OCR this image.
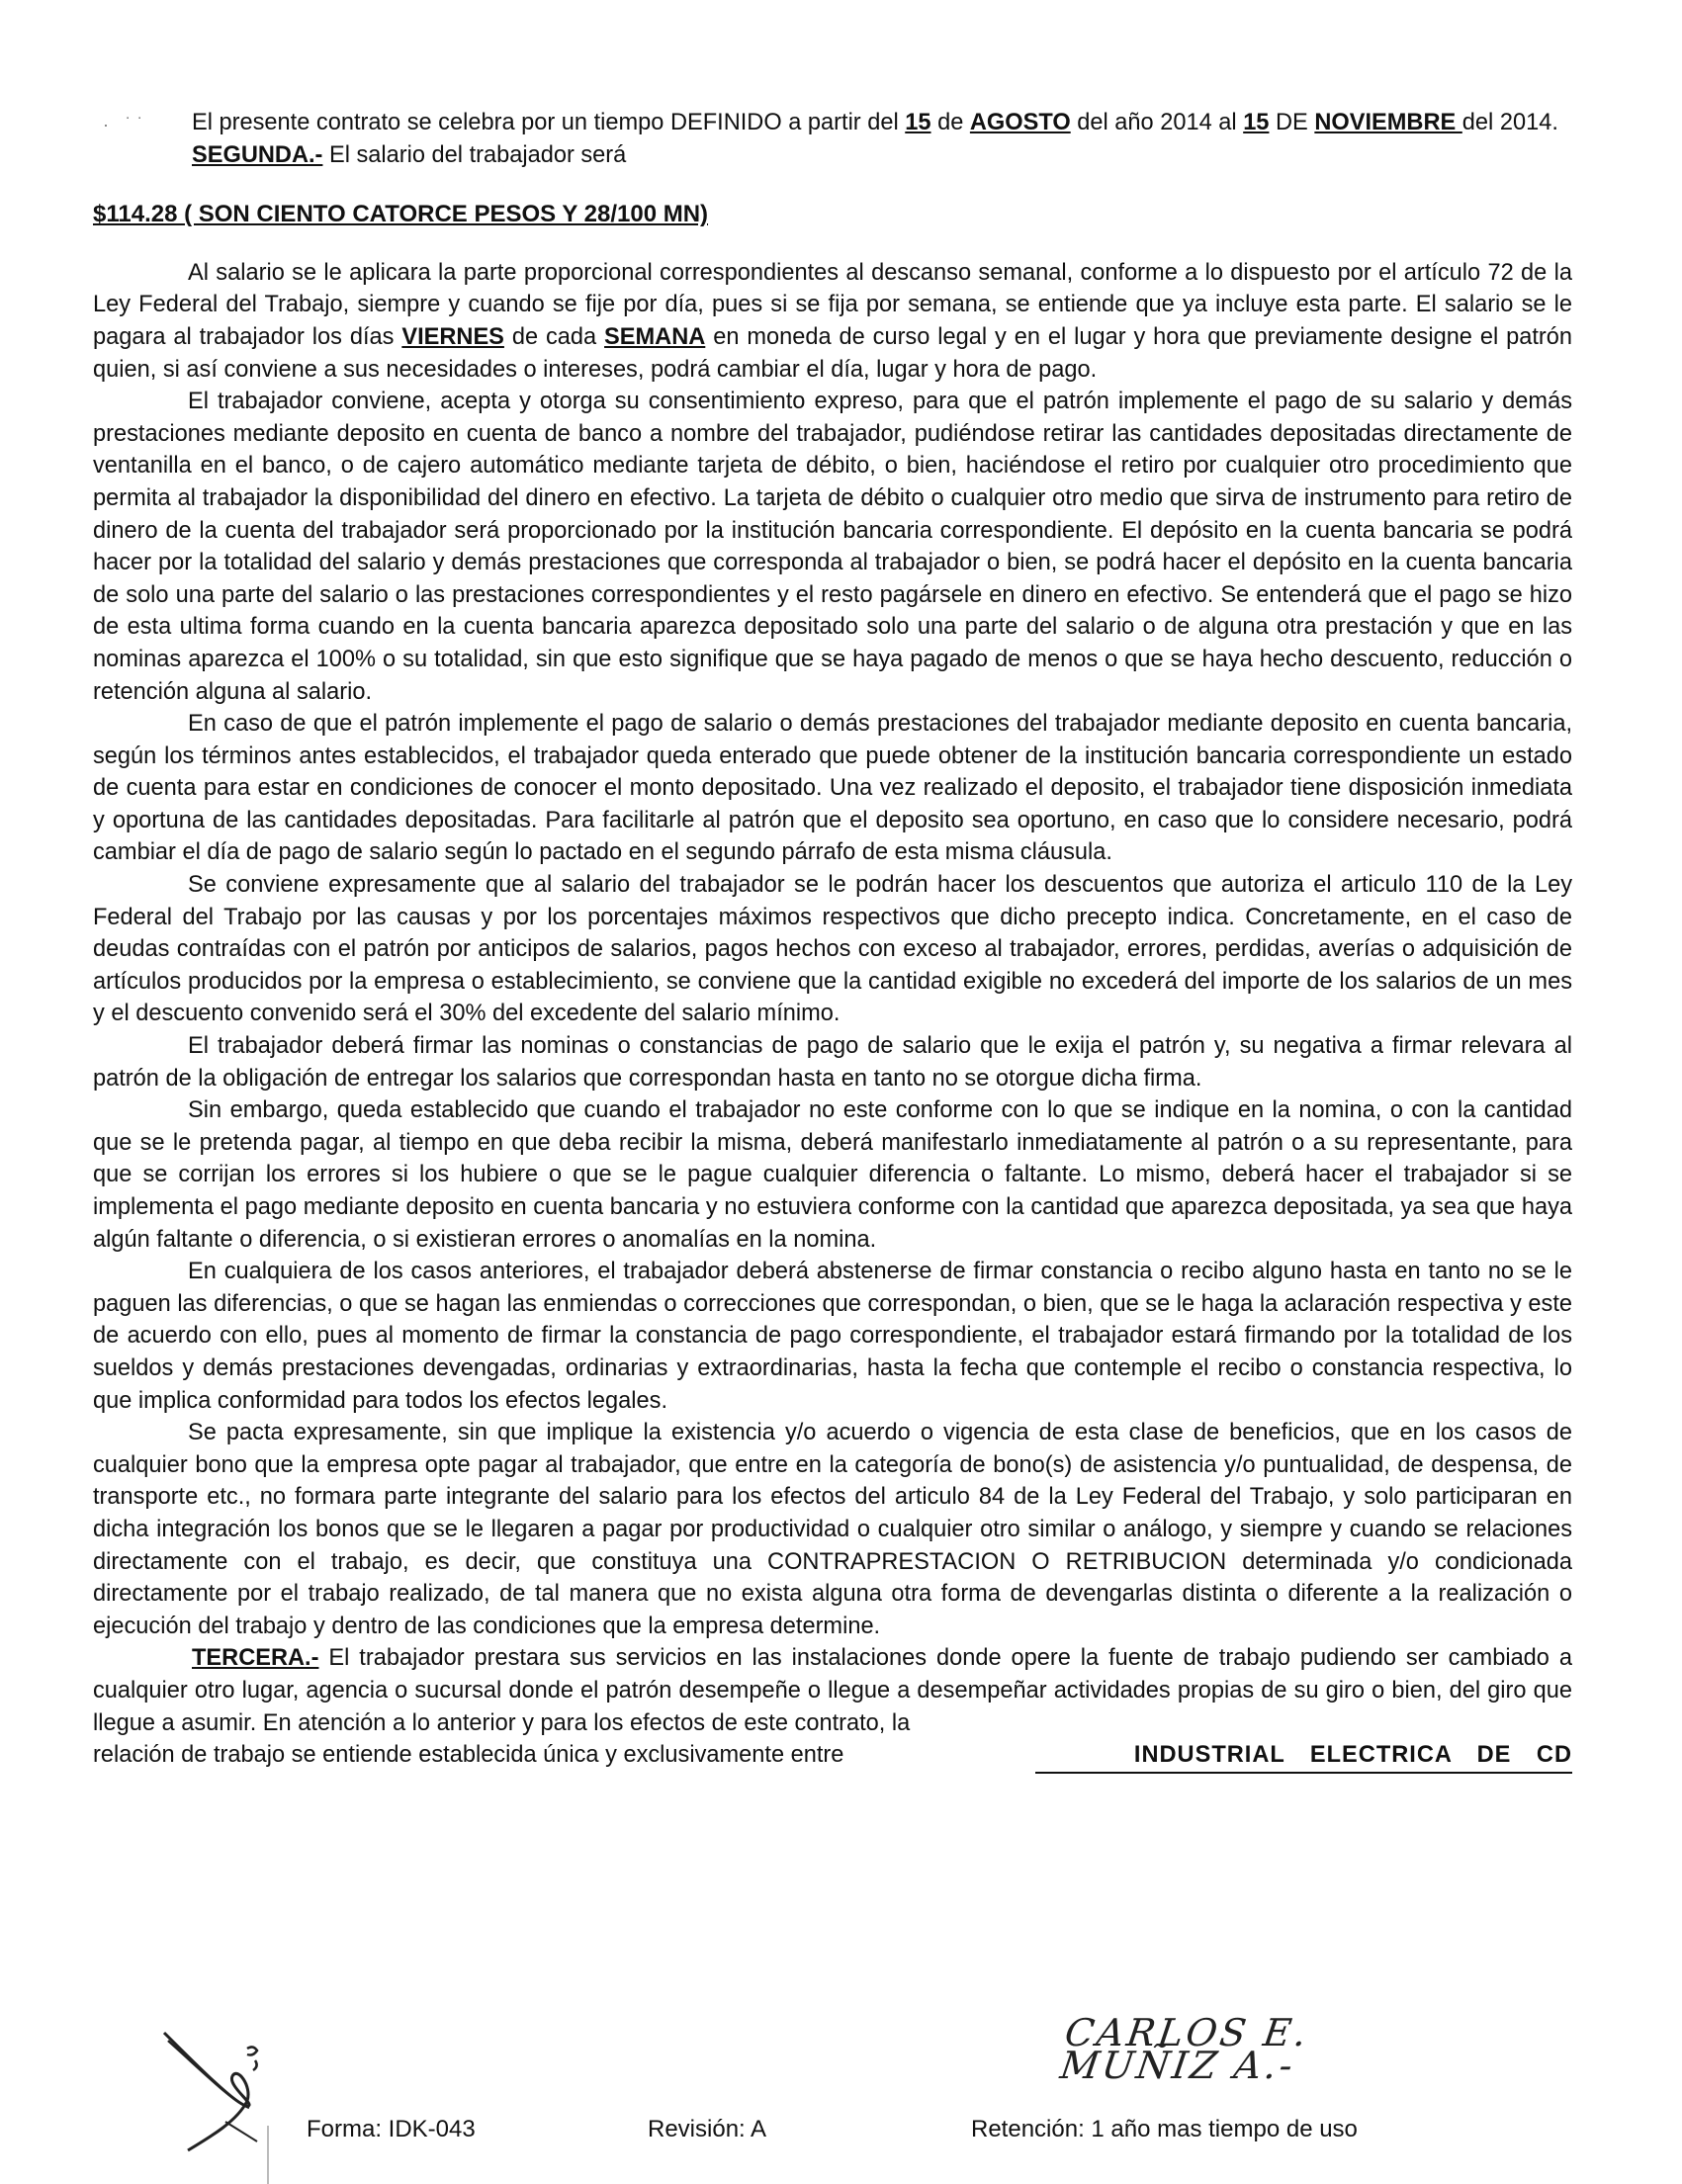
· ˙˙	El presente contrato se celebra por un tiempo DEFINIDO a partir del 15 de AGOSTO del año 2014 al 15 DE NOVIEMBRE del 2014.

SEGUNDA.- El salario del trabajador será

$114.28 ( SON CIENTO CATORCE PESOS Y 28/100 MN)

Al salario se le aplicara la parte proporcional correspondientes al descanso semanal, conforme a lo dispuesto por el artículo 72 de la Ley Federal del Trabajo, siempre y cuando se fije por día, pues si se fija por semana, se entiende que ya incluye esta parte. El salario se le pagara al trabajador los días VIERNES de cada SEMANA en moneda de curso legal y en el lugar y hora que previamente designe el patrón quien, si así conviene a sus necesidades o intereses, podrá cambiar el día, lugar y hora de pago.

El trabajador conviene, acepta y otorga su consentimiento expreso, para que el patrón implemente el pago de su salario y demás prestaciones mediante deposito en cuenta de banco a nombre del trabajador, pudiéndose retirar las cantidades depositadas directamente de ventanilla en el banco, o de cajero automático mediante tarjeta de débito, o bien, haciéndose el retiro por cualquier otro procedimiento que permita al trabajador la disponibilidad del dinero en efectivo. La tarjeta de débito o cualquier otro medio que sirva de instrumento para retiro de dinero de la cuenta del trabajador será proporcionado por la institución bancaria correspondiente. El depósito en la cuenta bancaria se podrá hacer por la totalidad del salario y demás prestaciones que corresponda al trabajador o bien, se podrá hacer el depósito en la cuenta bancaria de solo una parte del salario o las prestaciones correspondientes y el resto pagársele en dinero en efectivo. Se entenderá que el pago se hizo de esta ultima forma cuando en la cuenta bancaria aparezca depositado solo una parte del salario o de alguna otra prestación y que en las nominas aparezca el 100% o su totalidad, sin que esto signifique que se haya pagado de menos o que se haya hecho descuento, reducción o retención alguna al salario.

En caso de que el patrón implemente el pago de salario o demás prestaciones del trabajador mediante deposito en cuenta bancaria, según los términos antes establecidos, el trabajador queda enterado que puede obtener de la institución bancaria correspondiente un estado de cuenta para estar en condiciones de conocer el monto depositado. Una vez realizado el deposito, el trabajador tiene disposición inmediata y oportuna de las cantidades depositadas. Para facilitarle al patrón que el deposito sea oportuno, en caso que lo considere necesario, podrá cambiar el día de pago de salario según lo pactado en el segundo párrafo de esta misma cláusula.

Se conviene expresamente que al salario del trabajador se le podrán hacer los descuentos que autoriza el articulo 110 de la Ley Federal del Trabajo por las causas y por los porcentajes máximos respectivos que dicho precepto indica. Concretamente, en el caso de deudas contraídas con el patrón por anticipos de salarios, pagos hechos con exceso al trabajador, errores, perdidas, averías o adquisición de artículos producidos por la empresa o establecimiento, se conviene que la cantidad exigible no excederá del importe de los salarios de un mes y el descuento convenido será el 30% del excedente del salario mínimo.

El trabajador deberá firmar las nominas o constancias de pago de salario que le exija el patrón y, su negativa a firmar relevara al patrón de la obligación de entregar los salarios que correspondan hasta en tanto no se otorgue dicha firma.

Sin embargo, queda establecido que cuando el trabajador no este conforme con lo que se indique en la nomina, o con la cantidad que se le pretenda pagar, al tiempo en que deba recibir la misma, deberá manifestarlo inmediatamente al patrón o a su representante, para que se corrijan los errores si los hubiere o que se le pague cualquier diferencia o faltante. Lo mismo, deberá hacer el trabajador si se implementa el pago mediante deposito en cuenta bancaria y no estuviera conforme con la cantidad que aparezca depositada, ya sea que haya algún faltante o diferencia, o si existieran errores o anomalías en la nomina.

En cualquiera de los casos anteriores, el trabajador deberá abstenerse de firmar constancia o recibo alguno hasta en tanto no se le paguen las diferencias, o que se hagan las enmiendas o correcciones que correspondan, o bien, que se le haga la aclaración respectiva y este de acuerdo con ello, pues al momento de firmar la constancia de pago correspondiente, el trabajador estará firmando por la totalidad de los sueldos y demás prestaciones devengadas, ordinarias y extraordinarias, hasta la fecha que contemple el recibo o constancia respectiva, lo que implica conformidad para todos los efectos legales.

Se pacta expresamente, sin que implique la existencia y/o acuerdo o vigencia de esta clase de beneficios, que en los casos de cualquier bono que la empresa opte pagar al trabajador, que entre en la categoría de bono(s) de asistencia y/o puntualidad, de despensa, de transporte etc., no formara parte integrante del salario para los efectos del articulo 84 de la Ley Federal del Trabajo, y solo participaran en dicha integración los bonos que se le llegaren a pagar por productividad o cualquier otro similar o análogo, y siempre y cuando se relaciones directamente con el trabajo, es decir, que constituya una CONTRAPRESTACION O RETRIBUCION determinada y/o condicionada directamente por el trabajo realizado, de tal manera que no exista alguna otra forma de devengarlas distinta o diferente a la realización o ejecución del trabajo y dentro de las condiciones que la empresa determine.

TERCERA.- El trabajador prestara sus servicios en las instalaciones donde opere la fuente de trabajo pudiendo ser cambiado a cualquier otro lugar, agencia o sucursal donde el patrón desempeñe o llegue a desempeñar actividades propias de su giro o bien, del giro que llegue a asumir. En atención a lo anterior y para los efectos de este contrato, la

relación de trabajo se entiende establecida única y exclusivamente entre	INDUSTRIAL ELECTRICA DE CD
CARLOS E. MUÑIZ A.-
Forma: IDK-043	Revisión: A	Retención: 1 año mas tiempo de uso
